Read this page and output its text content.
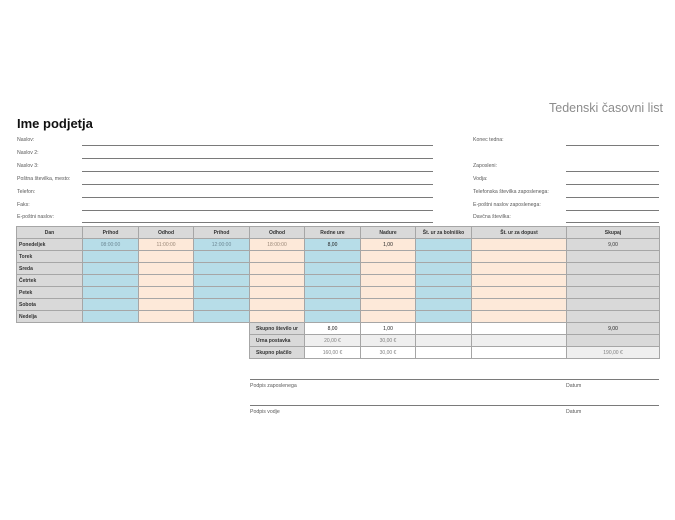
Tedenski časovni list
Ime podjetja
Naslov:
Naslov 2:
Naslov 3:
Poštna številka, mesto:
Telefon:
Faks:
E-poštni naslov:
Konec tedna:
Zaposleni:
Vodja:
Telefonska številka zaposlenega:
E-poštni naslov zaposlenega:
Davčna številka:
Dan	Prihod	Odhod	Prihod	Odhod	Redne ure	Nadure	Št. ur za bolniško	Št. ur za dopust	Skupaj
Ponedeljek	08:00:00	11:00:00	12:00:00	18:00:00	8,00	1,00			9,00
Torek									
Sreda									
Četrtek									
Petek									
Sobota									
Nedelja									
				Skupno število ur	8,00	1,00			9,00
				Urna postavka	20,00 €	30,00 €			
				Skupno plačilo	160,00 €	30,00 €			190,00 €
Podpis zaposlenega	Datum
Podpis vodje	Datum
